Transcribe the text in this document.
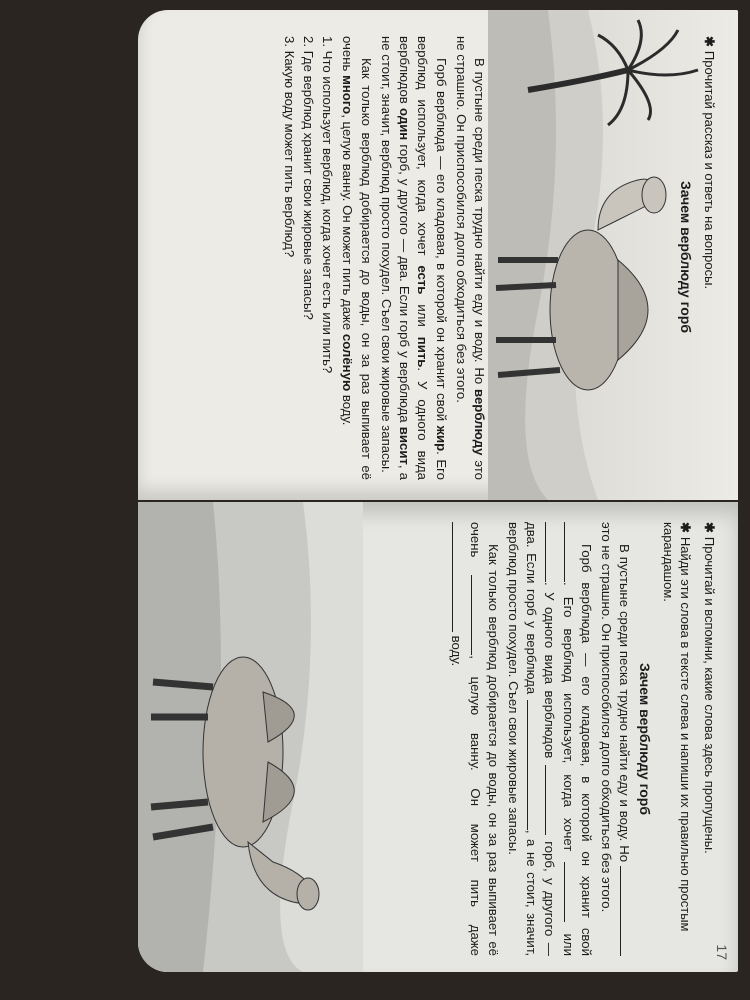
✱Прочитай рассказ и ответь на вопросы.

Зачем верблюду горб

В пустыне среди песка трудно найти еду и воду. Но верблюду это не страшно. Он приспособился долго обходиться без этого.

Горб верблюда — его кладовая, в которой он хранит свой жир. Его верблюд использует, когда хочет есть или пить. У одного вида верблюдов один горб, у другого — два. Если горб у верблюда висит, а не стоит, значит, верблюд просто похудел. Съел свои жировые запасы.

Как только верблюд добирается до воды, он за раз выпивает её очень много, целую ванну. Он может пить даже солёную воду.

1. Что использует верблюд, когда хочет есть или пить?

2. Где верблюд хранит свои жировые запасы?

3. Какую воду может пить верблюд?

17

✱Прочитай и вспомни, какие слова здесь пропущены.

✱Найди эти слова в тексте слева и напиши их правильно простым карандашом.

Зачем верблюду горб

В пустыне среди песка трудно найти еду и воду. Но  это не страшно. Он приспособился долго обходиться без этого.

Горб верблюда — его кладовая, в которой он хранит свой . Его верблюд использует, когда хочет  или . У одного вида верблюдов  горб, у другого — два. Если горб у верблюда , а не стоит, значит, верблюд просто похудел. Съел свои жировые запасы.

Как только верблюд добирается до воды, он за раз выпивает её очень , целую ванну. Он может пить даже  воду.
